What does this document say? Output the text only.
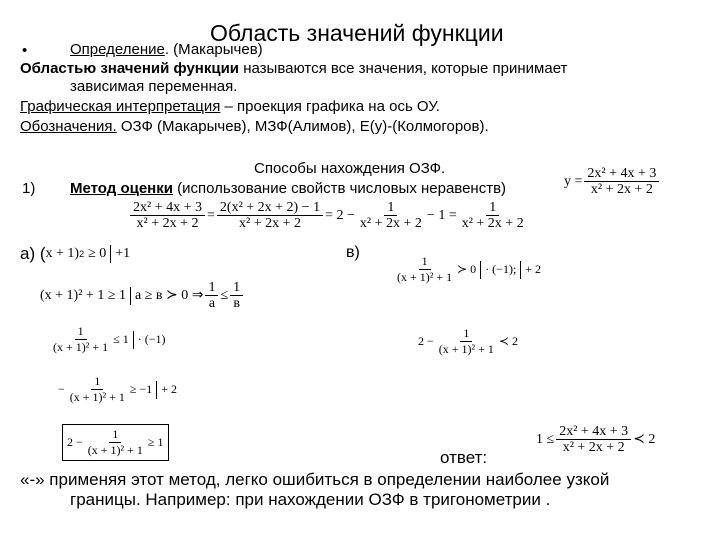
Область значений функции
•	Определение. (Макарычев)
Областью значений функции называются все значения, которые принимает
зависимая переменная.
Графическая интерпретация – проекция графика на ось ОУ.
Обозначения. ОЗФ (Макарычев), МЗФ(Алимов), Е(у)-(Колмогоров).
Способы нахождения ОЗФ.
1) Метод оценки (использование свойств числовых неравенств)	$y = \frac{\text{2x² + 4x + 3}}{\text{x² + 2x + 2}}$
$\frac{\text{2x² + 4x + 3}}{\text{x² + 2x + 2}} = \frac{\text{2(x² + 2x + 2) − 1}}{\text{x² + 2x + 2}} = 2 - \frac{1}{\text{x² + 2x + 2}} - 1 = \frac{1}{\text{x² + 2x + 2}}$
а) ( x + 1) 2 ≥ 0 +1
(x + 1)² + 1 ≥ 1 а ≥ в ≻ 0 ⇒ $\frac{1}{а} \le \frac{1}{в}$
$\frac{1}{\text{(x + 1)² + 1}} \le 1 \cdot (-1)$
− $\frac{1}{\text{(x + 1)² + 1}} \ge -1 + 2$
$2 - \frac{1}{\text{(x + 1)² + 1}} \ge 1$
в)
$\frac{1}{\text{(x + 1)² + 1}}$ ≻ 0 · (−1); + 2
$2 - \frac{1}{\text{(x + 1)² + 1}}$ ≺ 2
$1 \le \frac{\text{2x² + 4x + 3}}{\text{x² + 2x + 2}}$ ≺ 2
ответ:
«-» применяя этот метод, легко ошибиться в определении наиболее узкой
границы. Например: при нахождении ОЗФ в тригонометрии .
